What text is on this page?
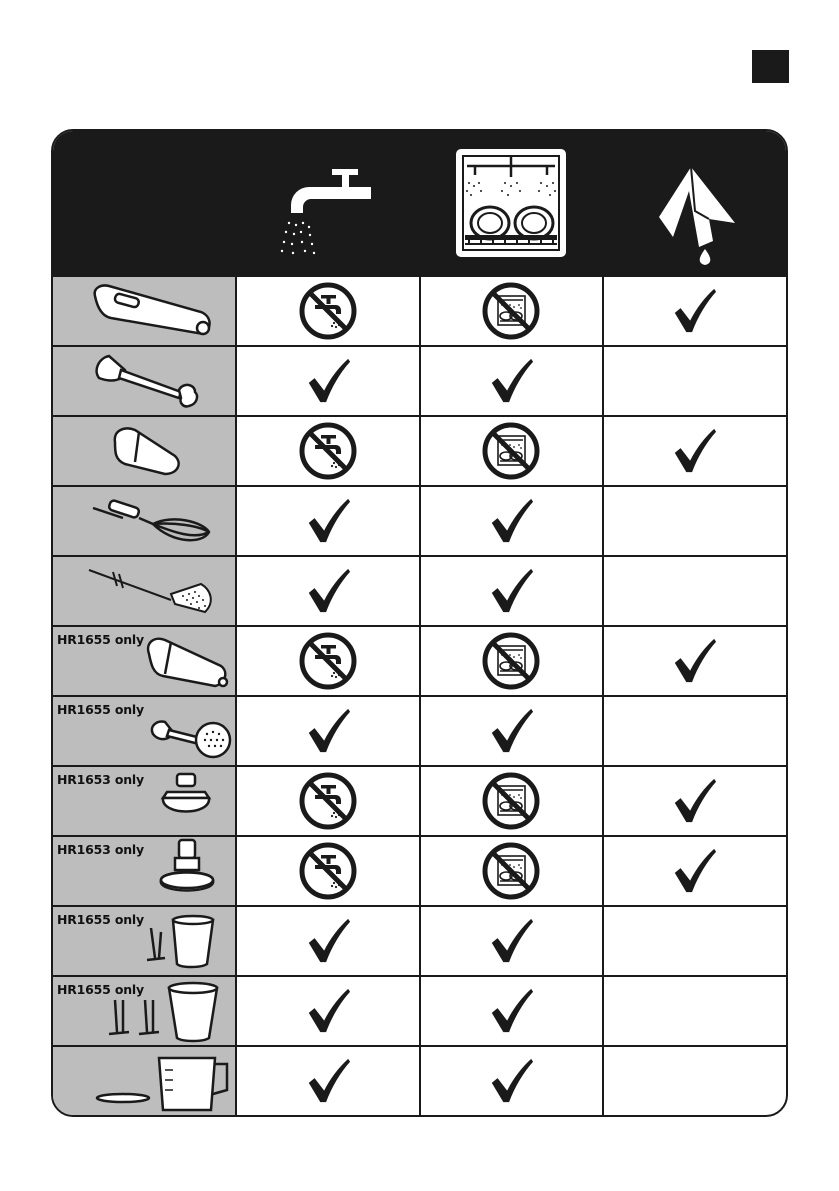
HR1655 only
HR1655 only
HR1653 only
HR1653 only
HR1655 only
HR1655 only
